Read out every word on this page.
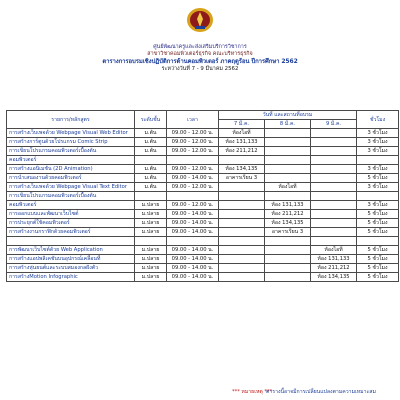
ศูนย์พัฒนาครูและส่งเสริมบริการวิชาการ
สาขาวิชาคอมพิวเตอร์ธุรกิจ คณะบริหารธุรกิจ
ตารางการอบรมเชิงปฏิบัติการด้านคอมพิวเตอร์ ภาคฤดูร้อน ปีการศึกษา 2562
ระหว่างวันที่ 7 - 9 มีนาคม 2562
รายการ/หลักสูตร	ระดับชั้น	เวลา	วันที่ และสถานที่อบรม			ชั่วโมง
			7 มี.ค.	8 มี.ค.	9 มี.ค.	
การสร้างเว็บเพจด้วย Webpage Visual Web Editor	ม.ต้น	09.00 - 12.00 น.	ห้องไอที			3 ชั่วโมง
การสร้างการ์ตูนด้วยโปรแกรม Comic Strip	ม.ต้น	09.00 - 12.00 น.	ห้อง 131,133			3 ชั่วโมง
การเขียนโปรแกรมคอมพิวเตอร์เบื้องต้น	ม.ต้น	09.00 - 12.00 น.	ห้อง 211,212			3 ชั่วโมง
คอมพิวเตอร์						
การสร้างแอนิเมชัน (2D Animation)	ม.ต้น	09.00 - 12.00 น.	ห้อง 134,135			3 ชั่วโมง
การนำเสนองานด้วยคอมพิวเตอร์	ม.ต้น	09.00 - 14.00 น.	อาคารเรียน 3			5 ชั่วโมง
การสร้างเว็บเพจด้วย Webpage Visual Text Editor	ม.ต้น	09.00 - 12.00 น.		ห้องไอที		3 ชั่วโมง
การเขียนโปรแกรมคอมพิวเตอร์เบื้องต้น						
คอมพิวเตอร์	ม.ปลาย	09.00 - 12.00 น.		ห้อง 131,133		3 ชั่วโมง
การออกแบบและพัฒนาเว็บไซต์	ม.ปลาย	09.00 - 14.00 น.		ห้อง 211,212		5 ชั่วโมง
การประยุกต์ใช้คอมพิวเตอร์	ม.ปลาย	09.00 - 14.00 น.		ห้อง 134,135		5 ชั่วโมง
การสร้างงานกราฟิกด้วยคอมพิวเตอร์	ม.ปลาย	09.00 - 14.00 น.		อาคารเรียน 3		5 ชั่วโมง

การพัฒนาเว็บไซต์ด้วย Web Application	ม.ปลาย	09.00 - 14.00 น.			ห้องไอที	5 ชั่วโมง
การสร้างแอปพลิเคชันบนอุปกรณ์เคลื่อนที่	ม.ปลาย	09.00 - 14.00 น.			ห้อง 131,133	5 ชั่วโมง
การสร้างหุ่นยนต์และระบบสมองกลฝังตัว	ม.ปลาย	09.00 - 14.00 น.			ห้อง 211,212	5 ชั่วโมง
การสร้างMotion Infographic	ม.ปลาย	09.00 - 14.00 น.			ห้อง 134,135	5 ชั่วโมง
*** หมายเหตุ ***
ตารางนี้อาจมีการเปลี่ยนแปลงตามความเหมาะสม
